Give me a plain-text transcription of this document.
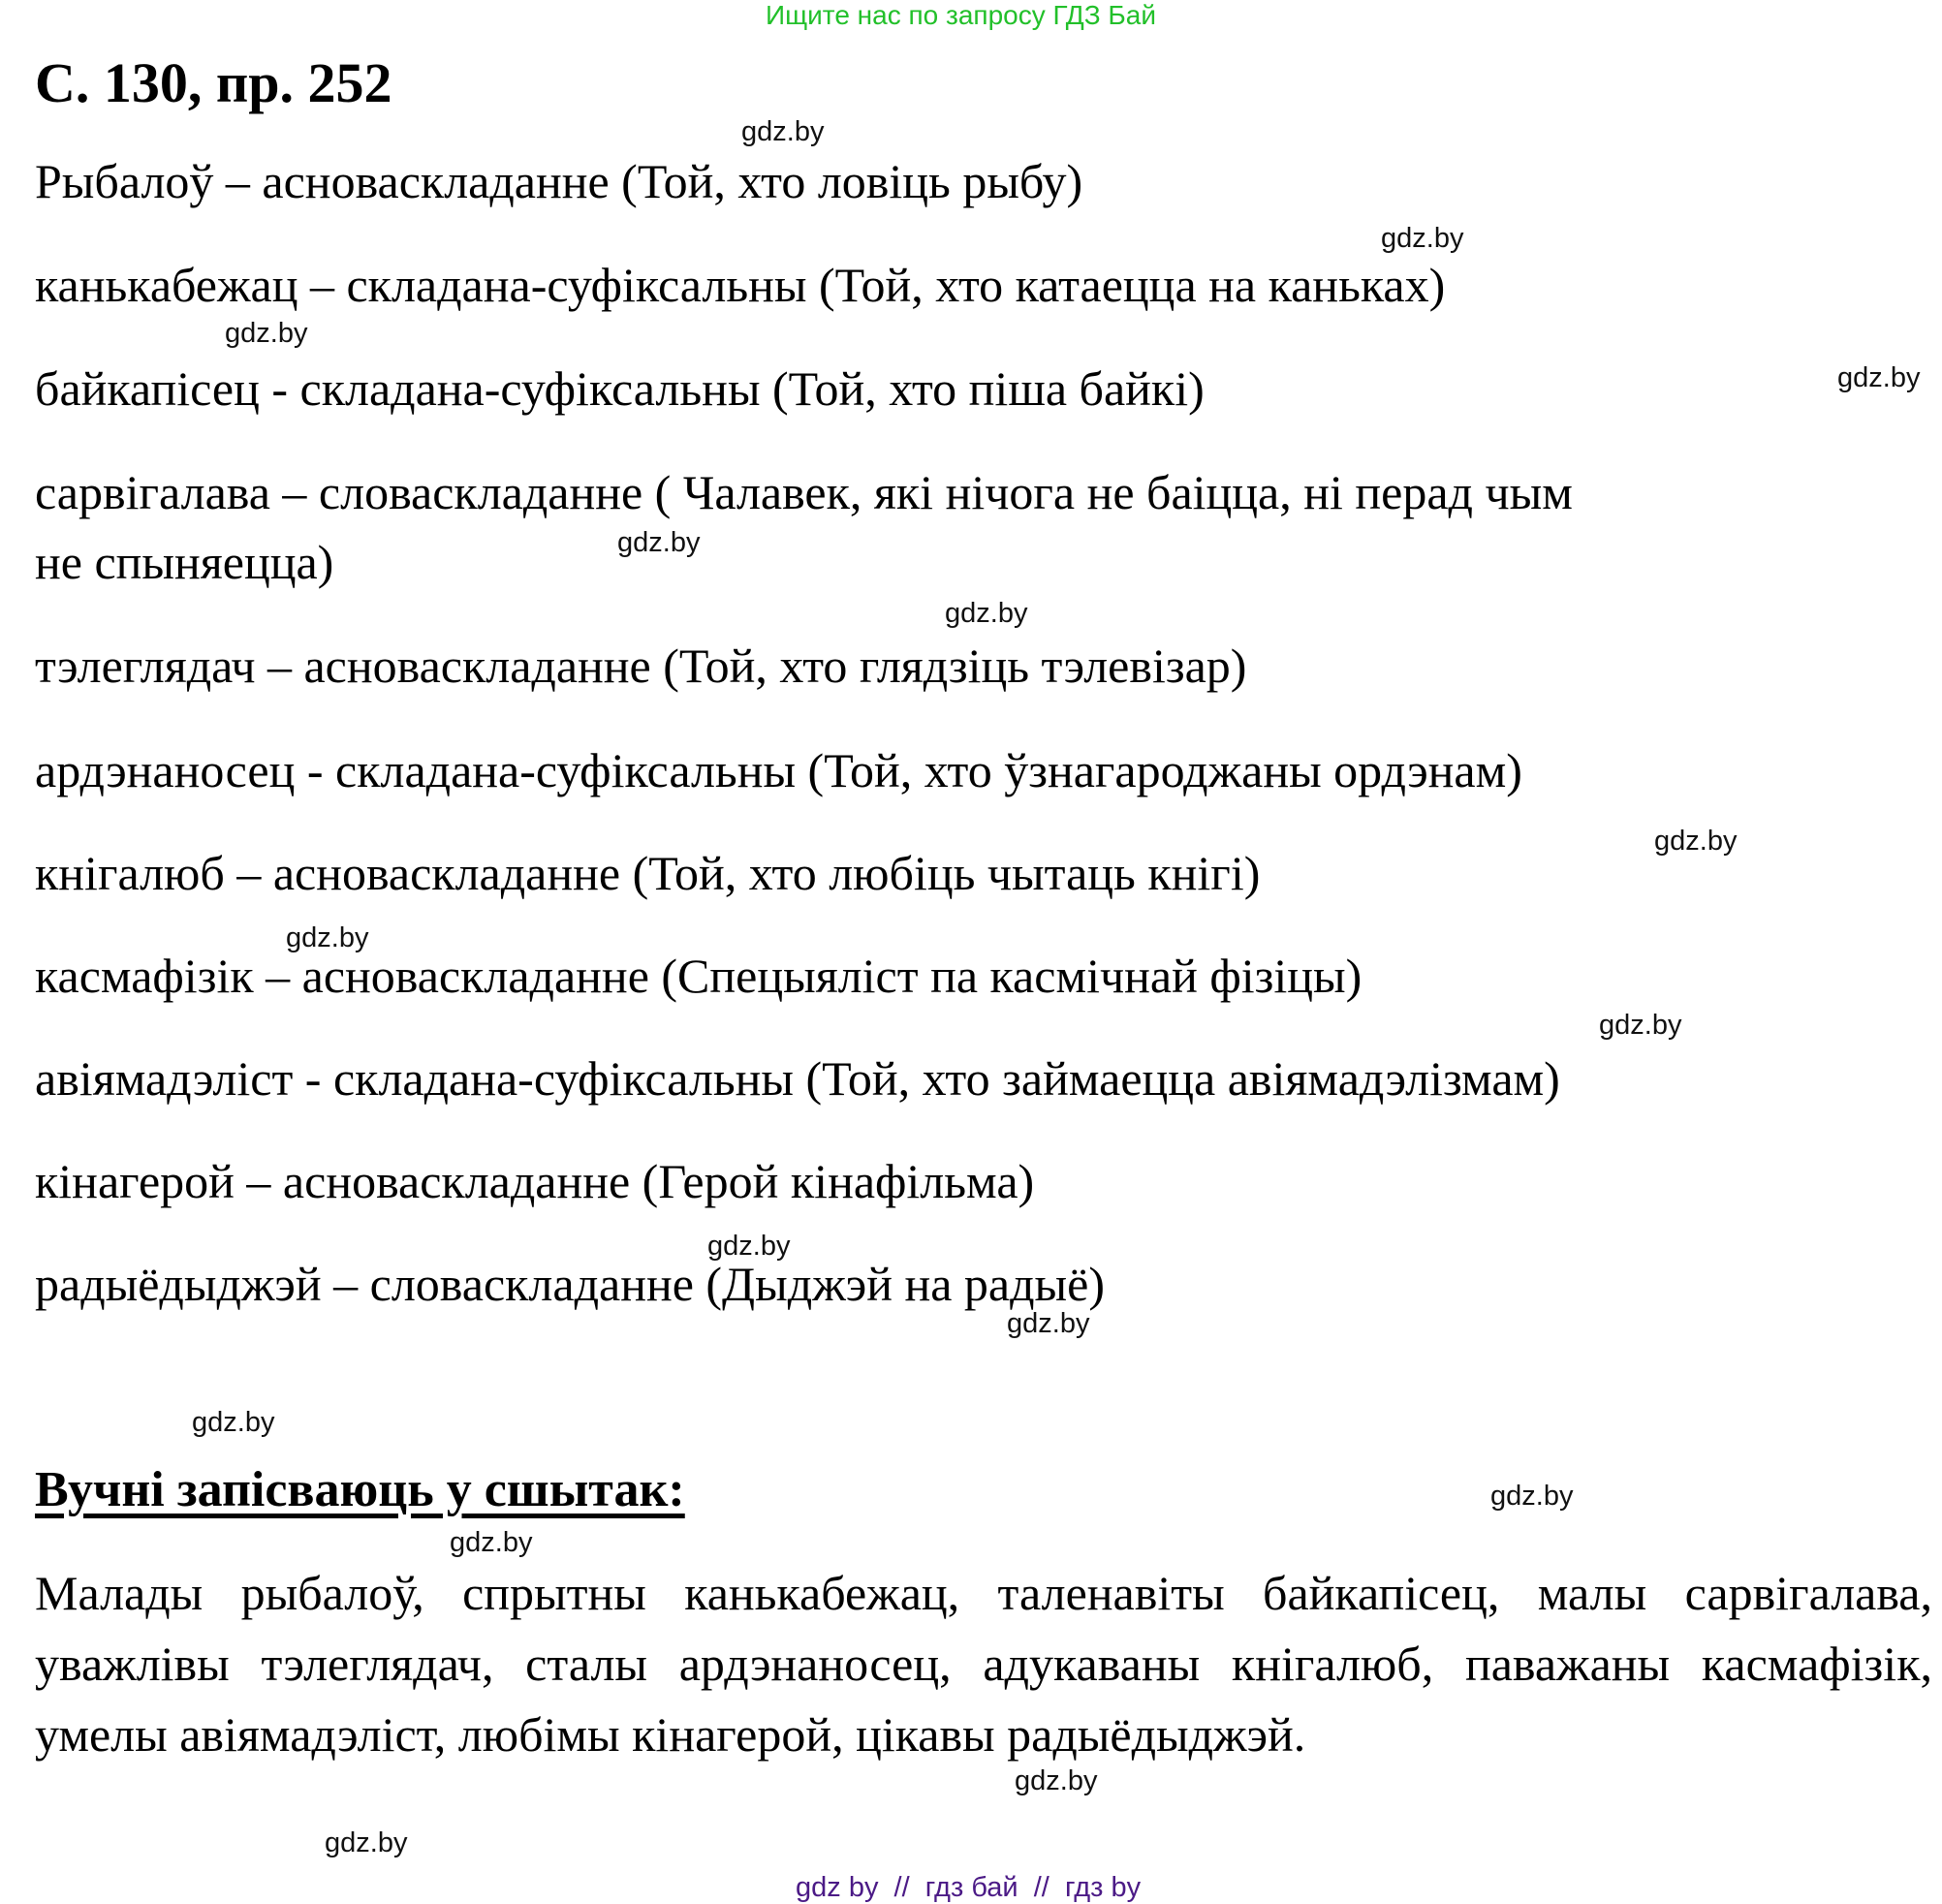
Ищите нас по запросу ГДЗ Бай
С. 130, пр. 252
Рыбалоў – асноваскладанне (Той, хто ловіць рыбу)
канькабежац – складана-суфіксальны (Той, хто катаецца на каньках)
байкапісец - складана-суфіксальны (Той, хто піша байкі)
сарвігалава – словаскладанне ( Чалавек, які нічога не баіцца, ні перад чым
не спыняецца)
тэлеглядач – асноваскладанне (Той, хто глядзіць тэлевізар)
ардэнаносец - складана-суфіксальны (Той, хто ўзнагароджаны ордэнам)
кнігалюб – асноваскладанне (Той, хто любіць чытаць кнігі)
касмафізік – асноваскладанне (Спецыяліст па касмічнай фізіцы)
авіямадэліст - складана-суфіксальны (Той, хто займаецца авіямадэлізмам)
кінагерой – асноваскладанне (Герой кінафільма)
радыёдыджэй – словаскладанне (Дыджэй на радыё)
Вучні запісваюць у сшытак:
Малады рыбалоў, спрытны канькабежац, таленавіты байкапісец, малы сарвігалава, уважлівы тэлеглядач, сталы ардэнаносец, адукаваны кнігалюб, паважаны касмафізік, умелы авіямадэліст, любімы кінагерой, цікавы радыёдыджэй.
gdz.by
gdz.by
gdz.by
gdz.by
gdz.by
gdz.by
gdz.by
gdz.by
gdz.by
gdz.by
gdz.by
gdz.by
gdz.by
gdz.by
gdz.by
gdz.by
gdz by  //  гдз бай  //  гдз by
